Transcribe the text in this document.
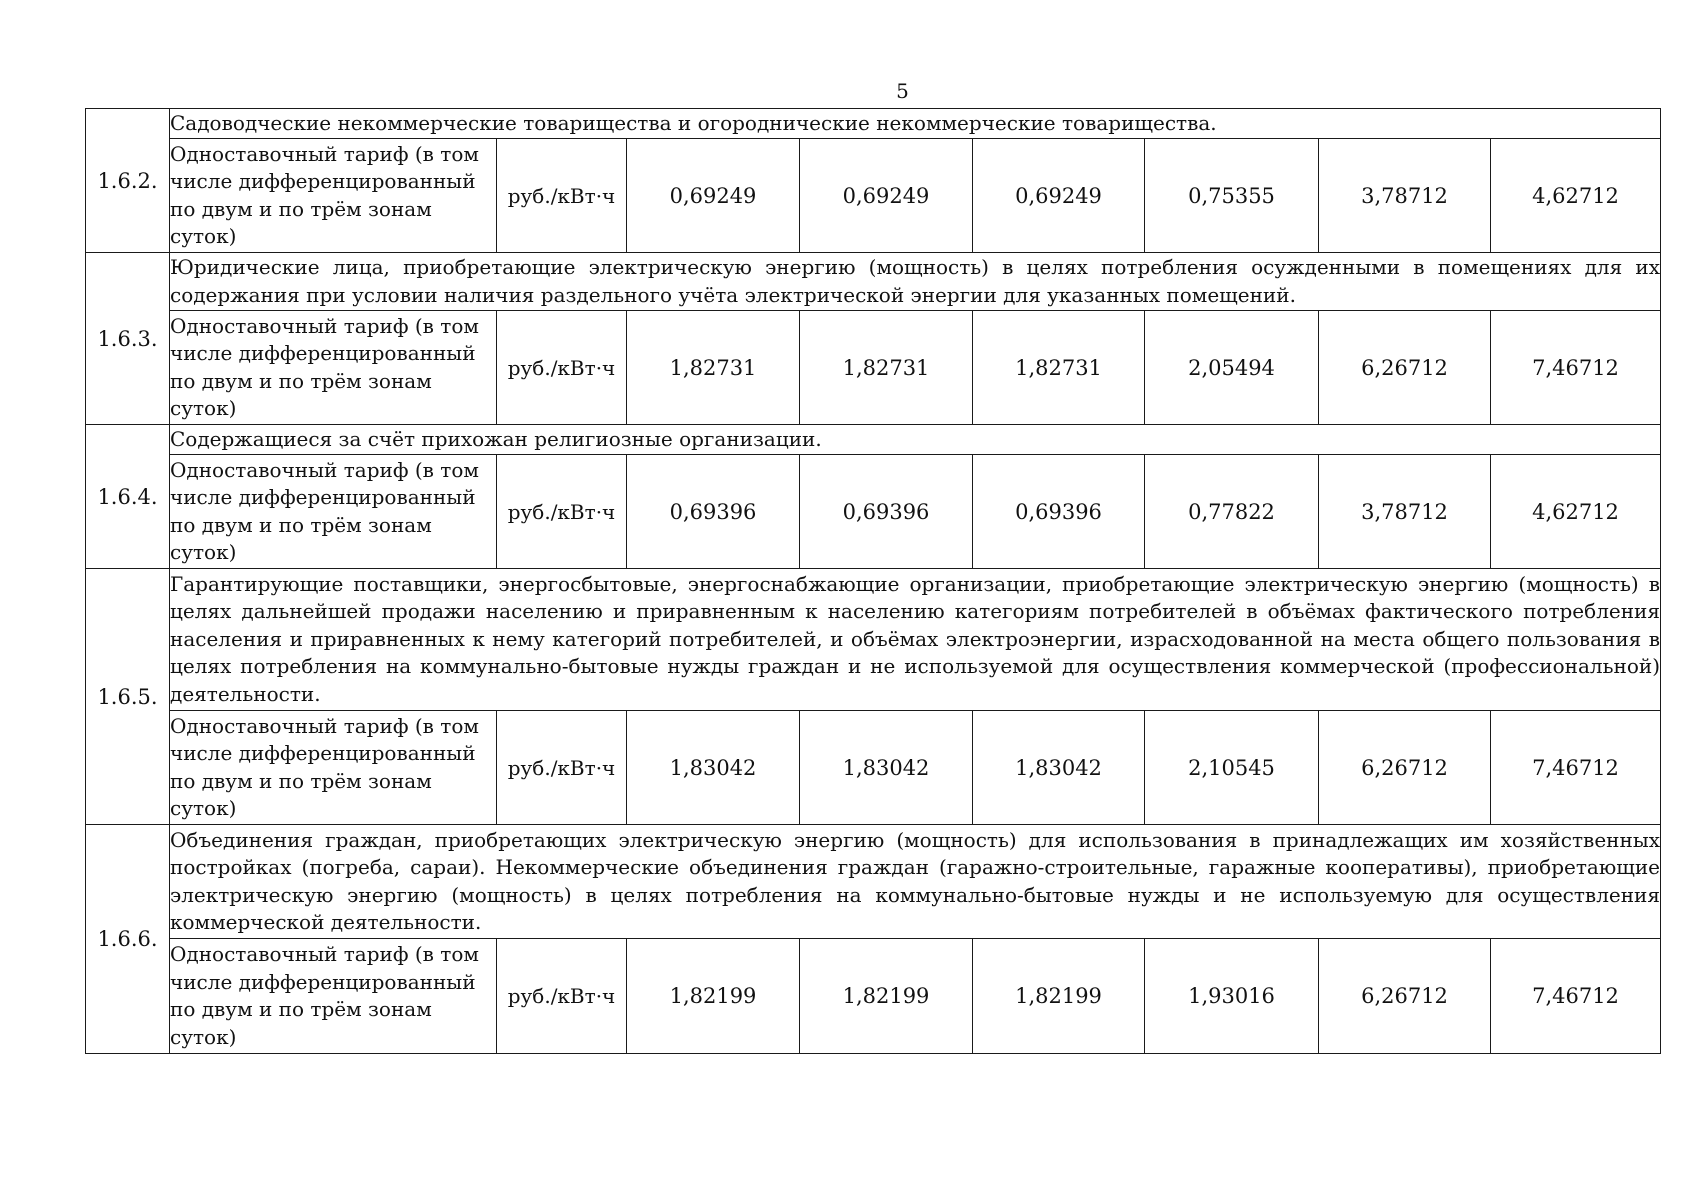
5
1.6.2.	Садоводческие некоммерческие товарищества и огороднические некоммерческие товарищества.							
	Одноставочный тариф (в том числе дифференцированный по двум и по трём зонам суток)	руб./кВт·ч	0,69249	0,69249	0,69249	0,75355	3,78712	4,62712
1.6.3.	Юридические лица, приобретающие электрическую энергию (мощность) в целях потребления осужденными в помещениях для их содержания при условии наличия раздельного учёта электрической энергии для указанных помещений.							
	Одноставочный тариф (в том числе дифференцированный по двум и по трём зонам суток)	руб./кВт·ч	1,82731	1,82731	1,82731	2,05494	6,26712	7,46712
1.6.4.	Содержащиеся за счёт прихожан религиозные организации.							
	Одноставочный тариф (в том числе дифференцированный по двум и по трём зонам суток)	руб./кВт·ч	0,69396	0,69396	0,69396	0,77822	3,78712	4,62712
1.6.5.	Гарантирующие поставщики, энергосбытовые, энергоснабжающие организации, приобретающие электрическую энергию (мощность) в целях дальнейшей продажи населению и приравненным к населению категориям потребителей в объёмах фактического потребления населения и приравненных к нему категорий потребителей, и объёмах электроэнергии, израсходованной на места общего пользования в целях потребления на коммунально-бытовые нужды граждан и не используемой для осуществления коммерческой (профессиональной) деятельности.							
	Одноставочный тариф (в том числе дифференцированный по двум и по трём зонам суток)	руб./кВт·ч	1,83042	1,83042	1,83042	2,10545	6,26712	7,46712
1.6.6.	Объединения граждан, приобретающих электрическую энергию (мощность) для использования в принадлежащих им хозяйственных постройках (погреба, сараи). Некоммерческие объединения граждан (гаражно-строительные, гаражные кооперативы), приобретающие электрическую энергию (мощность) в целях потребления на коммунально-бытовые нужды и не используемую для осуществления коммерческой деятельности.							
	Одноставочный тариф (в том числе дифференцированный по двум и по трём зонам суток)	руб./кВт·ч	1,82199	1,82199	1,82199	1,93016	6,26712	7,46712
